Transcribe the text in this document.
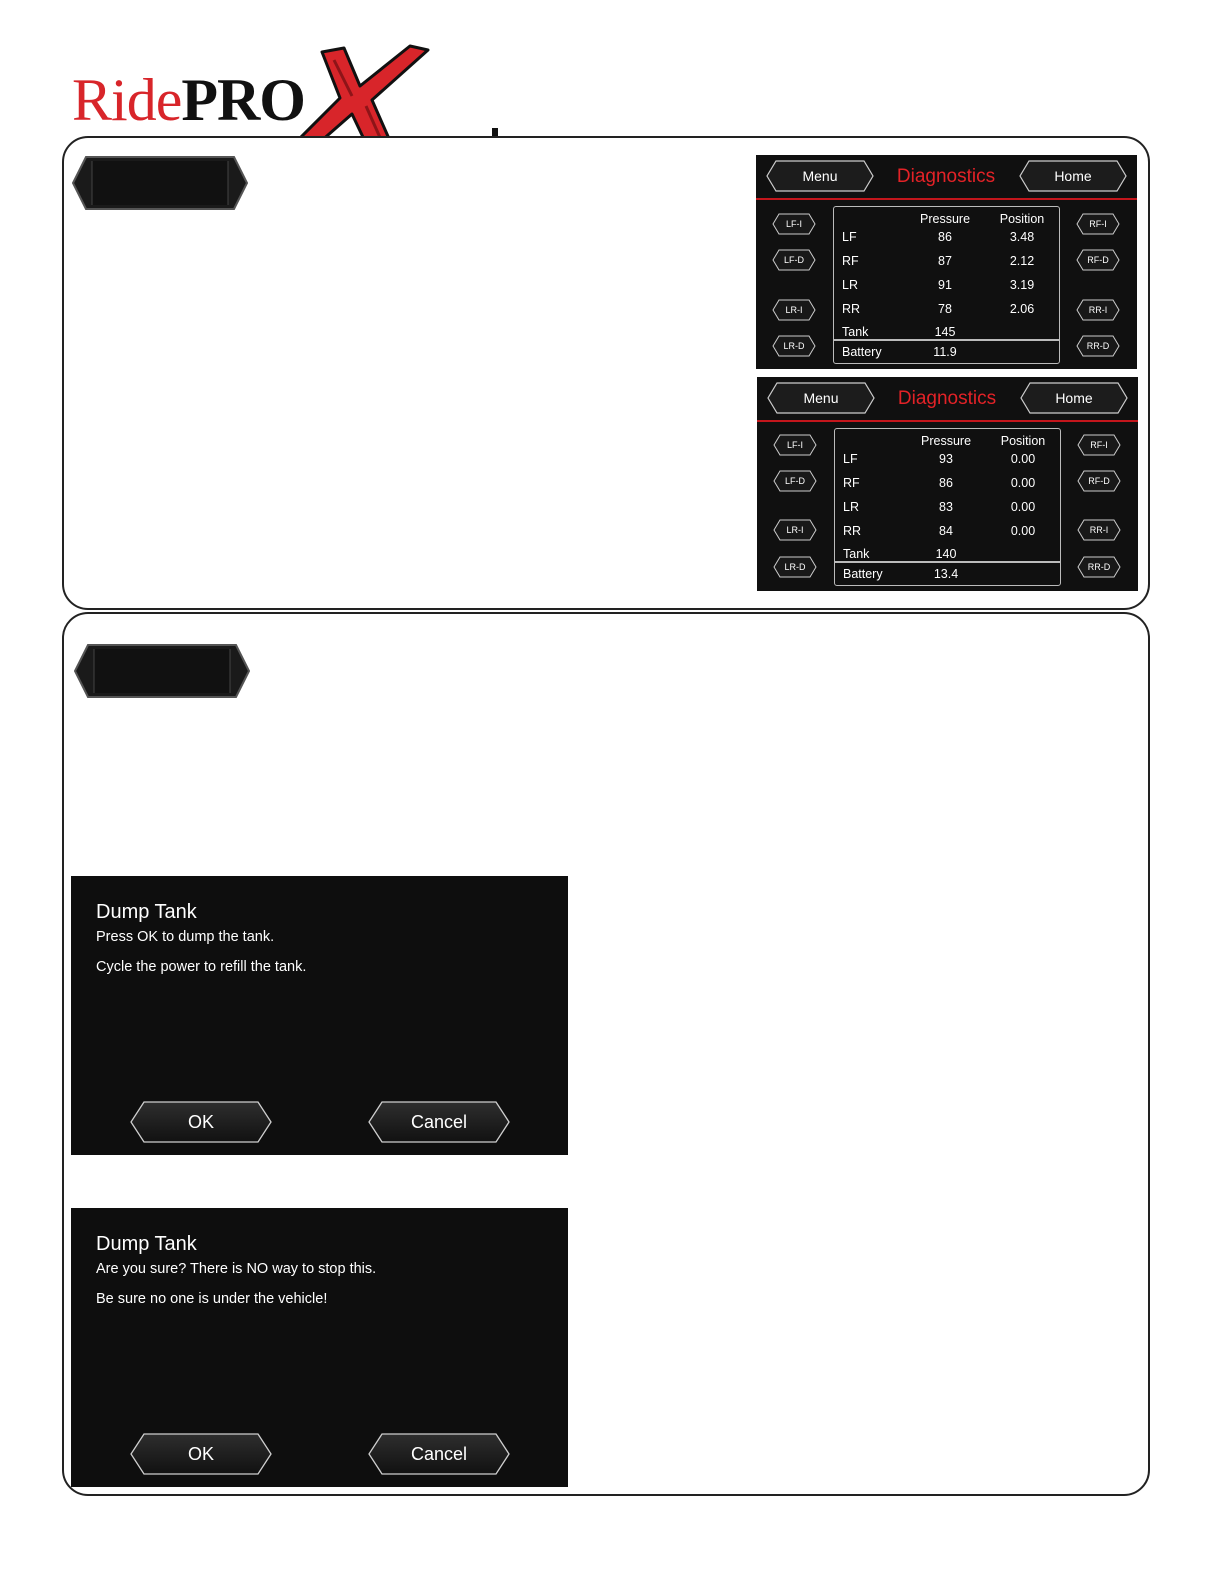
RidePRO
Menu	Diagnostics	Home
LF-I
LF-D
LR-I
LR-D
RF-I
RF-D
RR-I
RR-D
Pressure Position
LF	86	3.48
RF	87	2.12
LR	91	3.19
RR	78	2.06
Tank	145
Battery	11.9
Menu	Diagnostics	Home
LF-I
LF-D
LR-I
LR-D
RF-I
RF-D
RR-I
RR-D
Pressure Position
LF	93	0.00
RF	86	0.00
LR	83	0.00
RR	84	0.00
Tank	140
Battery	13.4
Dump Tank
Press OK to dump the tank.
Cycle the power to refill the tank.
OK	Cancel
Dump Tank
Are you sure? There is NO way to stop this.
Be sure no one is under the vehicle!
OK	Cancel
